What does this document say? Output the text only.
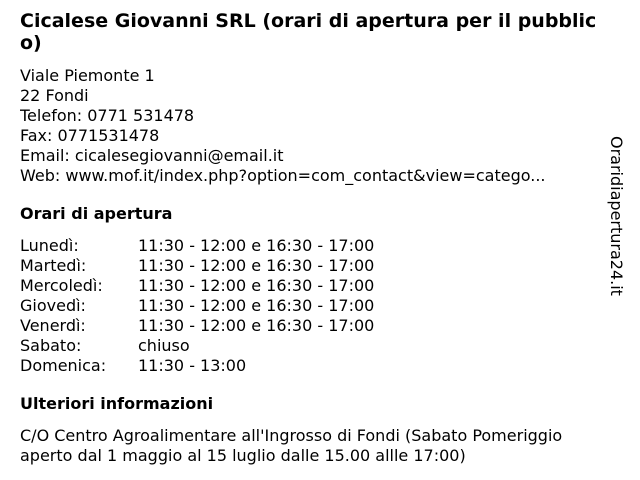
Cicalese Giovanni SRL (orari di apertura per il pubblico)
Viale Piemonte 1
22 Fondi
Telefon: 0771 531478
Fax: 0771531478
Email: cicalesegiovanni@email.it
Web: www.mof.it/index.php?option=com_contact&view=catego...
Orari di apertura
Lunedì:	11:30 - 12:00 e 16:30 - 17:00
Martedì:	11:30 - 12:00 e 16:30 - 17:00
Mercoledì:	11:30 - 12:00 e 16:30 - 17:00
Giovedì:	11:30 - 12:00 e 16:30 - 17:00
Venerdì:	11:30 - 12:00 e 16:30 - 17:00
Sabato:	chiuso
Domenica:	11:30 - 13:00
Ulteriori informazioni
C/O Centro Agroalimentare all'Ingrosso di Fondi (Sabato Pomeriggio aperto dal 1 maggio al 15 luglio dalle 15.00 allle 17:00)
Oraridiapertura24.it
